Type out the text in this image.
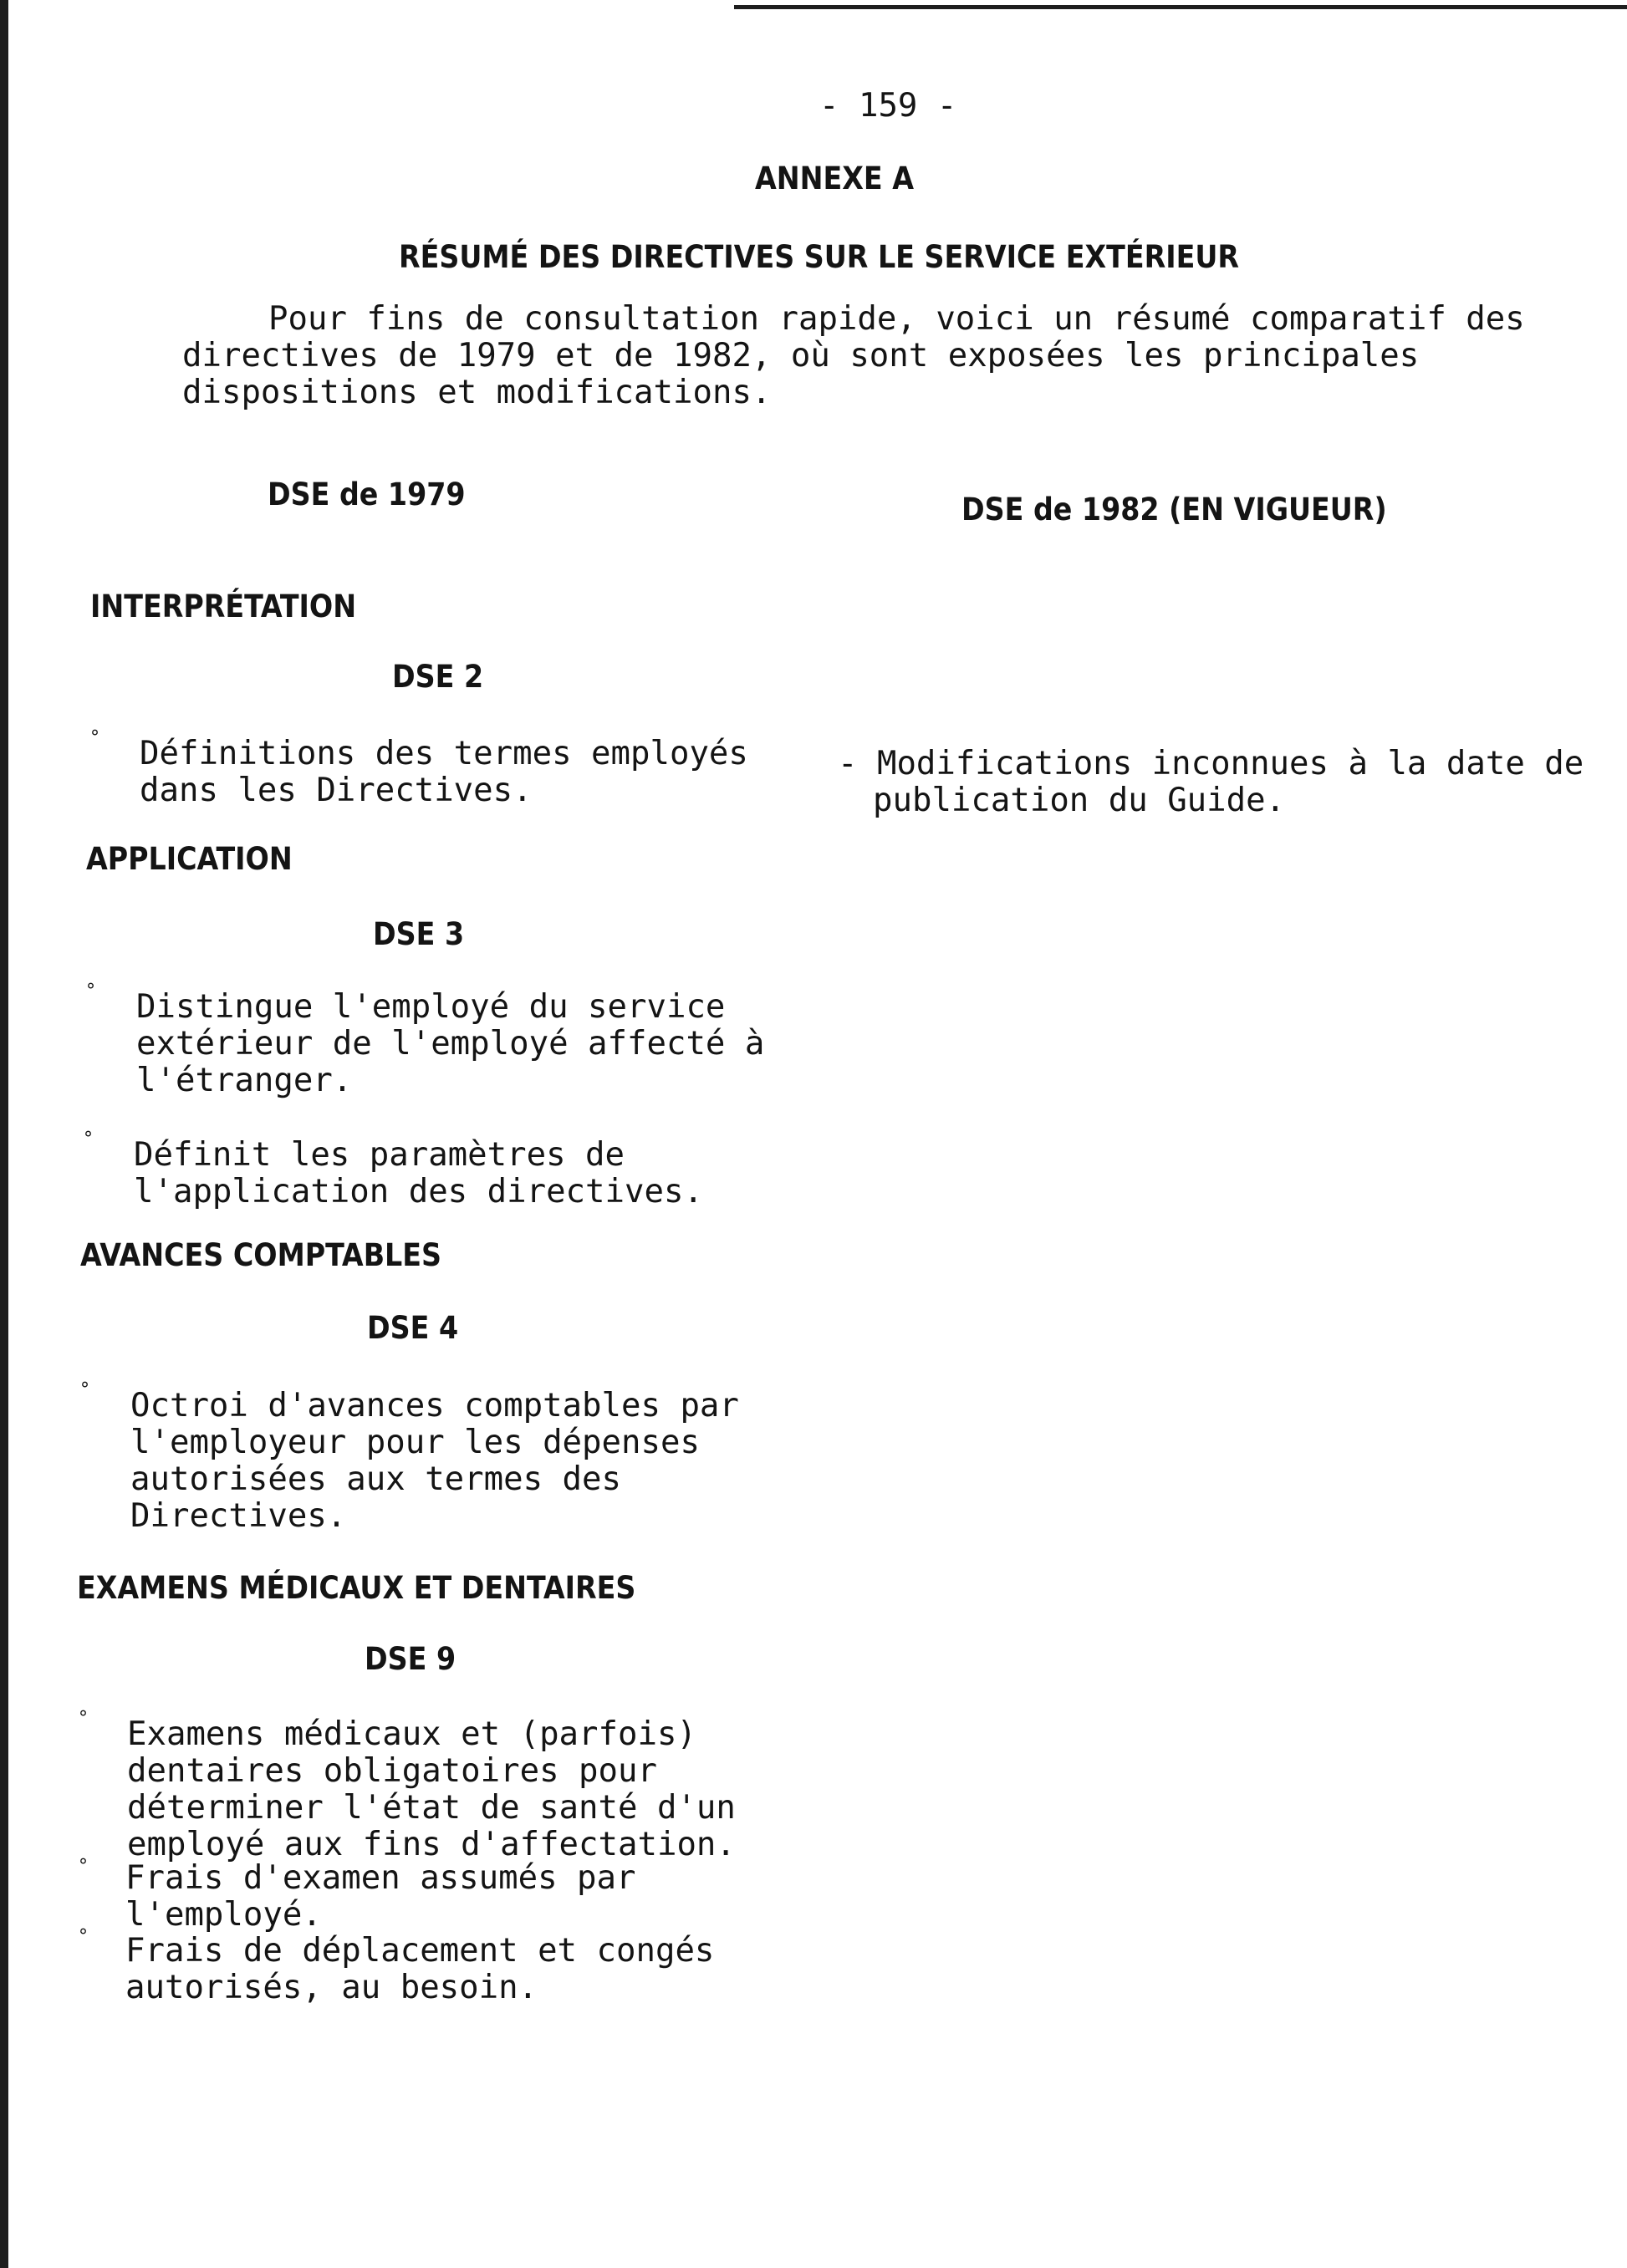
- 159 -
ANNEXE A
RÉSUMÉ DES DIRECTIVES SUR LE SERVICE EXTÉRIEUR
Pour fins de consultation rapide, voici un résumé comparatif des
directives de 1979 et de 1982, où sont exposées les principales
dispositions et modifications.
DSE de 1979	DSE de 1982 (EN VIGUEUR)
INTERPRÉTATION
DSE 2
° Définitions des termes employés
dans les Directives.
- Modifications inconnues à la date de
publication du Guide.
APPLICATION
DSE 3
° Distingue l'employé du service
extérieur de l'employé affecté à
l'étranger.
° Définit les paramètres de
l'application des directives.
AVANCES COMPTABLES
DSE 4
° Octroi d'avances comptables par
l'employeur pour les dépenses
autorisées aux termes des
Directives.
EXAMENS MÉDICAUX ET DENTAIRES
DSE 9
° Examens médicaux et (parfois)
dentaires obligatoires pour
déterminer l'état de santé d'un
employé aux fins d'affectation.
° Frais d'examen assumés par
l'employé.
° Frais de déplacement et congés
autorisés, au besoin.
